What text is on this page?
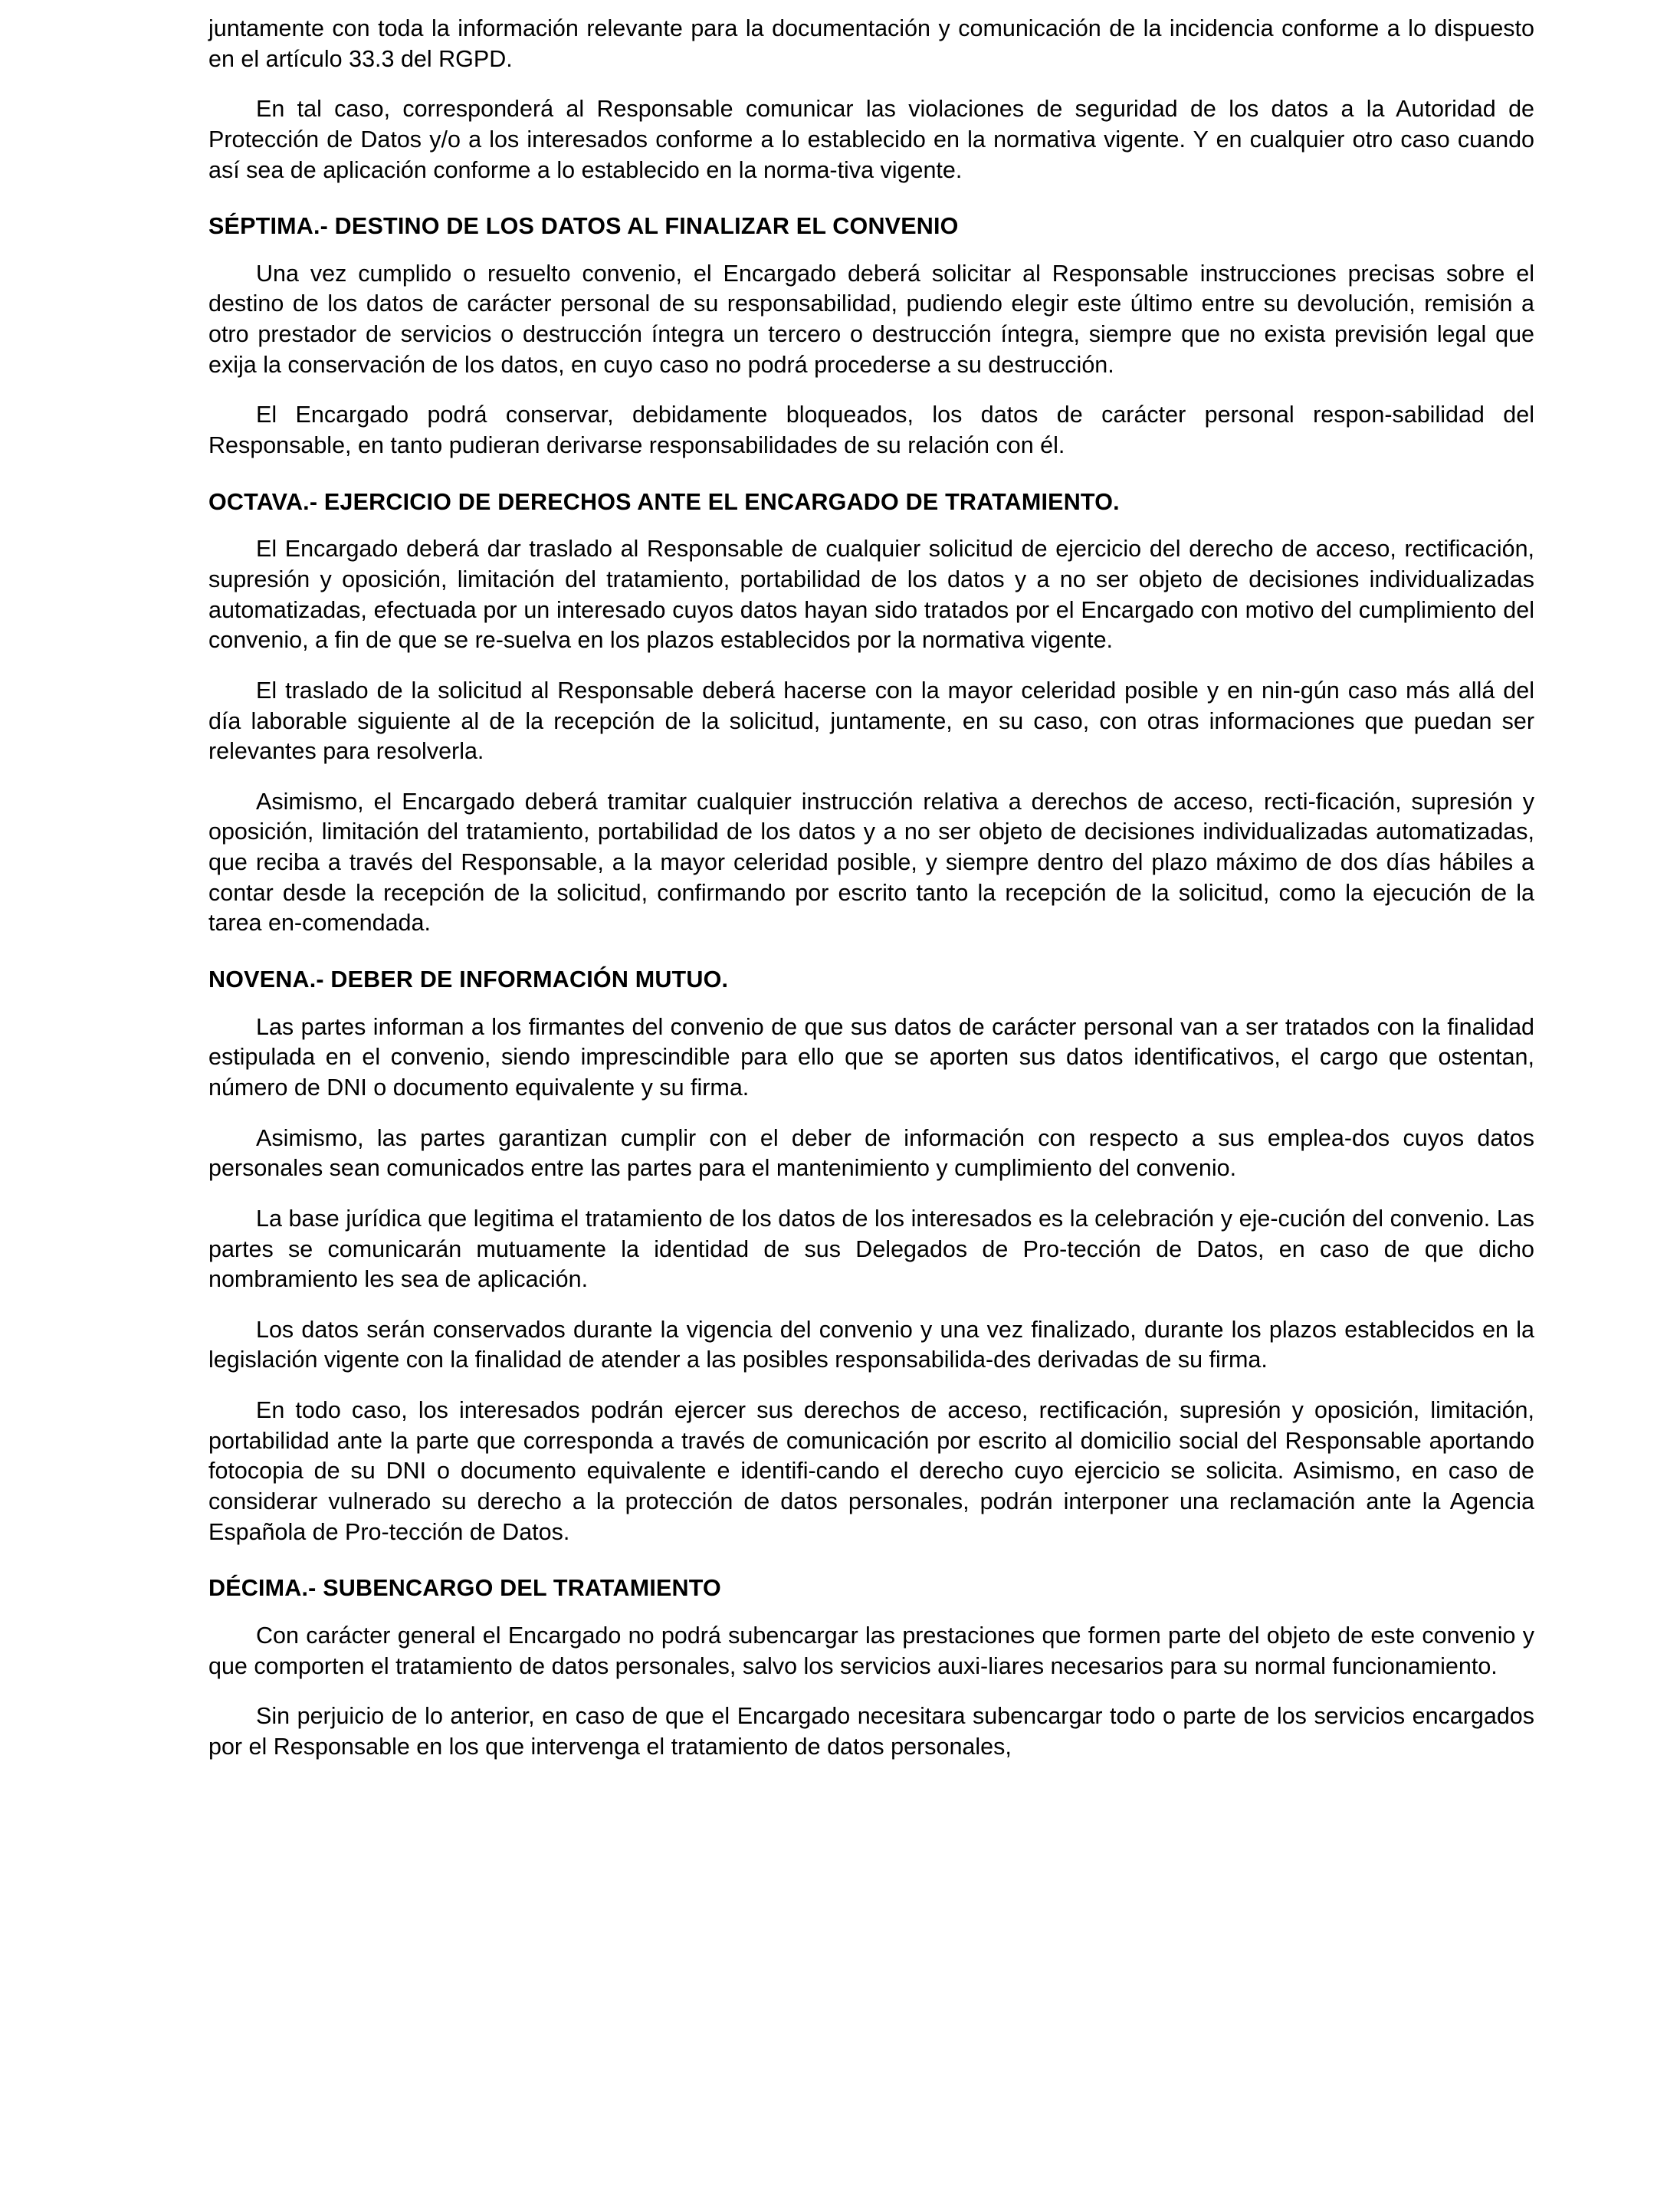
juntamente con toda la información relevante para la documentación y comunicación de la incidencia conforme a lo dispuesto en el artículo 33.3 del RGPD.

En tal caso, corresponderá al Responsable comunicar las violaciones de seguridad de los datos a la Autoridad de Protección de Datos y/o a los interesados conforme a lo establecido en la normativa vigente. Y en cualquier otro caso cuando así sea de aplicación conforme a lo establecido en la norma-tiva vigente.

SÉPTIMA.- DESTINO DE LOS DATOS AL FINALIZAR EL CONVENIO

Una vez cumplido o resuelto convenio, el Encargado deberá solicitar al Responsable instrucciones precisas sobre el destino de los datos de carácter personal de su responsabilidad, pudiendo elegir este último entre su devolución, remisión a otro prestador de servicios o destrucción íntegra un tercero o destrucción íntegra, siempre que no exista previsión legal que exija la conservación de los datos, en cuyo caso no podrá procederse a su destrucción.

El Encargado podrá conservar, debidamente bloqueados, los datos de carácter personal respon-sabilidad del Responsable, en tanto pudieran derivarse responsabilidades de su relación con él.

OCTAVA.- EJERCICIO DE DERECHOS ANTE EL ENCARGADO DE TRATAMIENTO.

El Encargado deberá dar traslado al Responsable de cualquier solicitud de ejercicio del derecho de acceso, rectificación, supresión y oposición, limitación del tratamiento, portabilidad de los datos y a no ser objeto de decisiones individualizadas automatizadas, efectuada por un interesado cuyos datos hayan sido tratados por el Encargado con motivo del cumplimiento del convenio, a fin de que se re-suelva en los plazos establecidos por la normativa vigente.

El traslado de la solicitud al Responsable deberá hacerse con la mayor celeridad posible y en nin-gún caso más allá del día laborable siguiente al de la recepción de la solicitud, juntamente, en su caso, con otras informaciones que puedan ser relevantes para resolverla.

Asimismo, el Encargado deberá tramitar cualquier instrucción relativa a derechos de acceso, recti-ficación, supresión y oposición, limitación del tratamiento, portabilidad de los datos y a no ser objeto de decisiones individualizadas automatizadas, que reciba a través del Responsable, a la mayor celeridad posible, y siempre dentro del plazo máximo de dos días hábiles a contar desde la recepción de la solicitud, confirmando por escrito tanto la recepción de la solicitud, como la ejecución de la tarea en-comendada.

NOVENA.- DEBER DE INFORMACIÓN MUTUO.

Las partes informan a los firmantes del convenio de que sus datos de carácter personal van a ser tratados con la finalidad estipulada en el convenio, siendo imprescindible para ello que se aporten sus datos identificativos, el cargo que ostentan, número de DNI o documento equivalente y su firma.

Asimismo, las partes garantizan cumplir con el deber de información con respecto a sus emplea-dos cuyos datos personales sean comunicados entre las partes para el mantenimiento y cumplimiento del convenio.

La base jurídica que legitima el tratamiento de los datos de los interesados es la celebración y eje-cución del convenio. Las partes se comunicarán mutuamente la identidad de sus Delegados de Pro-tección de Datos, en caso de que dicho nombramiento les sea de aplicación.

Los datos serán conservados durante la vigencia del convenio y una vez finalizado, durante los plazos establecidos en la legislación vigente con la finalidad de atender a las posibles responsabilida-des derivadas de su firma.

En todo caso, los interesados podrán ejercer sus derechos de acceso, rectificación, supresión y oposición, limitación, portabilidad ante la parte que corresponda a través de comunicación por escrito al domicilio social del Responsable aportando fotocopia de su DNI o documento equivalente e identifi-cando el derecho cuyo ejercicio se solicita. Asimismo, en caso de considerar vulnerado su derecho a la protección de datos personales, podrán interponer una reclamación ante la Agencia Española de Pro-tección de Datos.

DÉCIMA.- SUBENCARGO DEL TRATAMIENTO

Con carácter general el Encargado no podrá subencargar las prestaciones que formen parte del objeto de este convenio y que comporten el tratamiento de datos personales, salvo los servicios auxi-liares necesarios para su normal funcionamiento.

Sin perjuicio de lo anterior, en caso de que el Encargado necesitara subencargar todo o parte de los servicios encargados por el Responsable en los que intervenga el tratamiento de datos personales,
